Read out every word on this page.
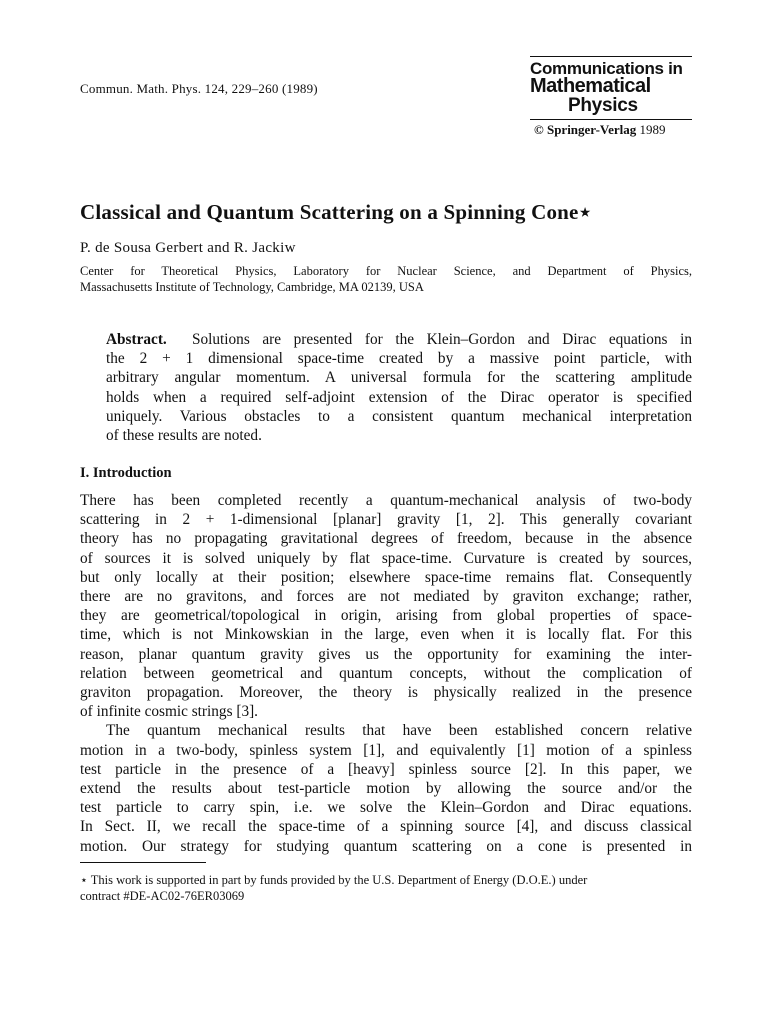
Commun. Math. Phys. 124, 229–260 (1989)
Communications in
Mathematical
Physics
© Springer-Verlag 1989
Classical and Quantum Scattering on a Spinning Cone⋆
P. de Sousa Gerbert and R. Jackiw
Center for Theoretical Physics, Laboratory for Nuclear Science, and Department of Physics,
Massachusetts Institute of Technology, Cambridge, MA 02139, USA
Abstract. Solutions are presented for the Klein–Gordon and Dirac equations in
the 2 + 1 dimensional space-time created by a massive point particle, with
arbitrary angular momentum. A universal formula for the scattering amplitude
holds when a required self-adjoint extension of the Dirac operator is specified
uniquely. Various obstacles to a consistent quantum mechanical interpretation
of these results are noted.
I. Introduction
There has been completed recently a quantum-mechanical analysis of two-body
scattering in 2 + 1-dimensional [planar] gravity [1, 2]. This generally covariant
theory has no propagating gravitational degrees of freedom, because in the absence
of sources it is solved uniquely by flat space-time. Curvature is created by sources,
but only locally at their position; elsewhere space-time remains flat. Consequently
there are no gravitons, and forces are not mediated by graviton exchange; rather,
they are geometrical/topological in origin, arising from global properties of space-
time, which is not Minkowskian in the large, even when it is locally flat. For this
reason, planar quantum gravity gives us the opportunity for examining the inter-
relation between geometrical and quantum concepts, without the complication of
graviton propagation. Moreover, the theory is physically realized in the presence
of infinite cosmic strings [3].
The quantum mechanical results that have been established concern relative
motion in a two-body, spinless system [1], and equivalently [1] motion of a spinless
test particle in the presence of a [heavy] spinless source [2]. In this paper, we
extend the results about test-particle motion by allowing the source and/or the
test particle to carry spin, i.e. we solve the Klein–Gordon and Dirac equations.
In Sect. II, we recall the space-time of a spinning source [4], and discuss classical
motion. Our strategy for studying quantum scattering on a cone is presented in
⋆ This work is supported in part by funds provided by the U.S. Department of Energy (D.O.E.) under
contract #DE-AC02-76ER03069
